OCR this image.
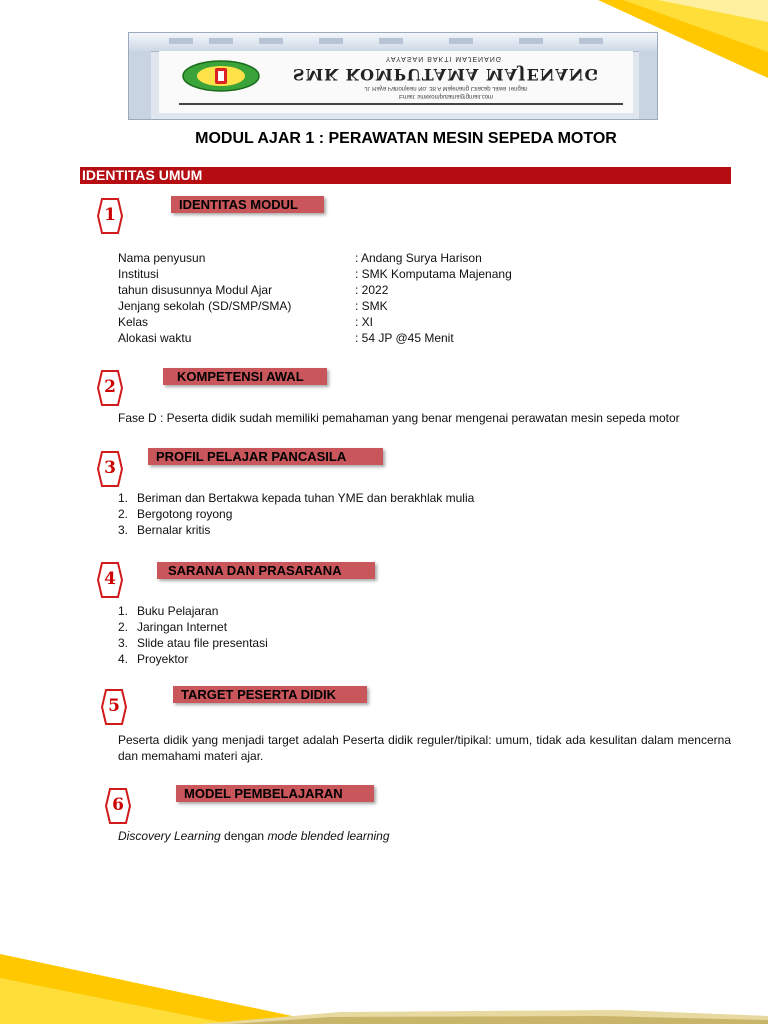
YAYASAN BAKTI MAJENANG
SMK KOMPUTAMA MAJENANG
Jl. Raya Pahonjean No. 38 A Majenang Cilacap Jawa Tengah
Email: smkkomputama@gmail.com
MODUL AJAR 1 : PERAWATAN MESIN SEPEDA MOTOR
IDENTITAS UMUM
1
IDENTITAS MODUL
Nama penyusun	: Andang Surya Harison
Institusi	: SMK Komputama Majenang
tahun disusunnya Modul Ajar	: 2022
Jenjang sekolah (SD/SMP/SMA)	: SMK
Kelas	: XI
Alokasi waktu	: 54 JP @45 Menit
2
KOMPETENSI AWAL
Fase D : Peserta didik sudah memiliki pemahaman yang benar mengenai perawatan mesin sepeda motor
3
PROFIL PELAJAR PANCASILA
1. Beriman dan Bertakwa kepada tuhan YME dan berakhlak mulia
2. Bergotong royong
3. Bernalar kritis
4	SARANA DAN PRASARANA
1. Buku Pelajaran
2. Jaringan Internet
3. Slide atau file presentasi
4. Proyektor
5
TARGET PESERTA DIDIK
Peserta didik yang menjadi target adalah Peserta didik reguler/tipikal: umum, tidak ada kesulitan dalam mencerna dan memahami materi ajar.
6
MODEL PEMBELAJARAN
Discovery Learning dengan mode blended learning
